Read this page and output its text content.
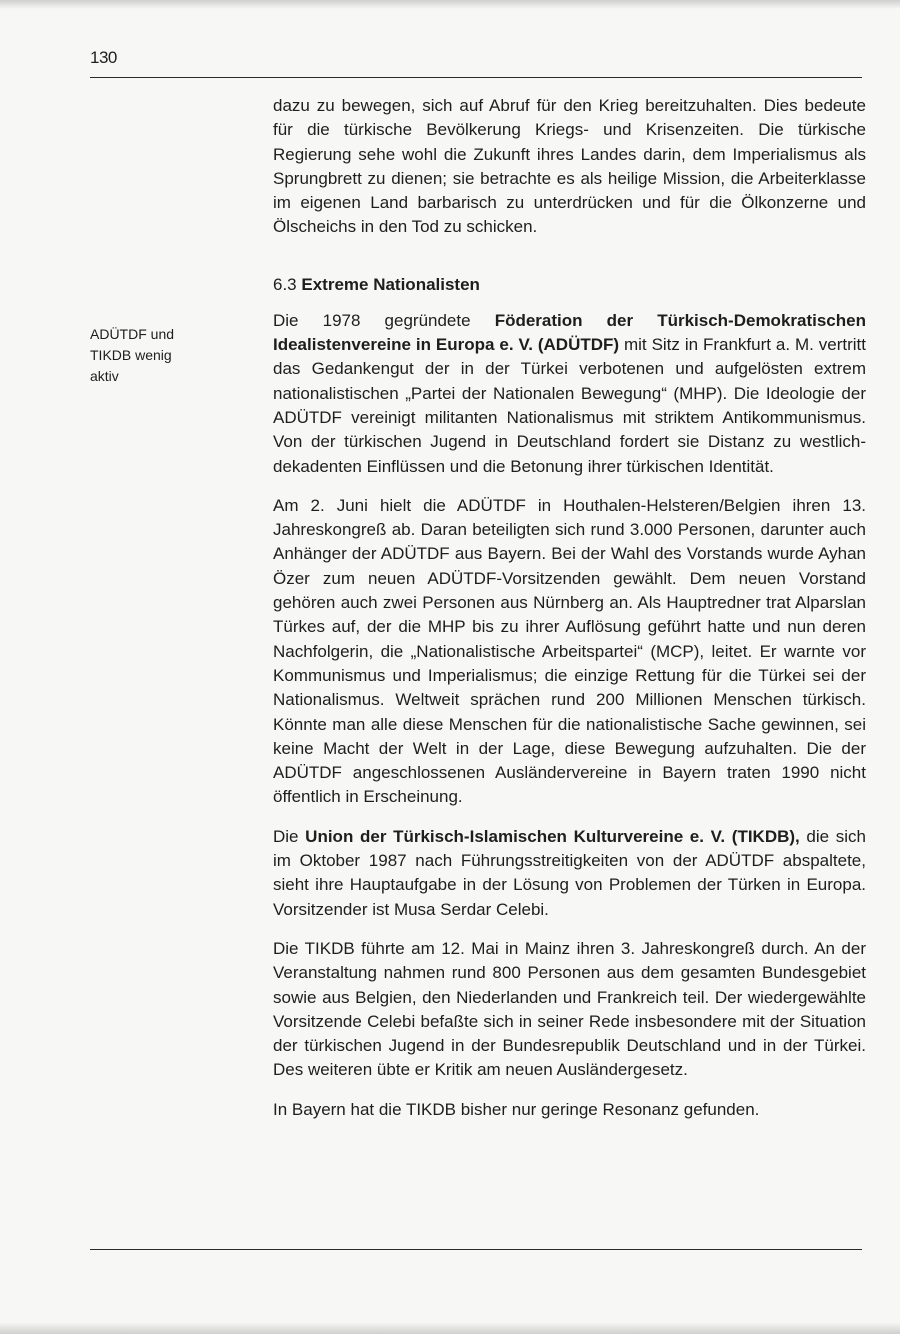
130
ADÜTDF und
TIKDB wenig
aktiv

dazu zu bewegen, sich auf Abruf für den Krieg bereitzuhalten. Dies bedeute für die türkische Bevölkerung Kriegs- und Krisenzeiten. Die türkische Regierung sehe wohl die Zukunft ihres Landes darin, dem Imperialismus als Sprungbrett zu dienen; sie betrachte es als heilige Mission, die Arbeiterklasse im eigenen Land barbarisch zu unterdrücken und für die Ölkonzerne und Ölscheichs in den Tod zu schicken.

6.3 Extreme Nationalisten

Die 1978 gegründete Föderation der Türkisch-Demokratischen Idealistenvereine in Europa e. V. (ADÜTDF) mit Sitz in Frankfurt a. M. vertritt das Gedankengut der in der Türkei verbotenen und aufgelösten extrem nationalistischen „Partei der Nationalen Bewegung“ (MHP). Die Ideologie der ADÜTDF vereinigt militanten Nationalismus mit striktem Antikommunismus. Von der türkischen Jugend in Deutschland fordert sie Distanz zu westlich-dekadenten Einflüssen und die Betonung ihrer türkischen Identität.

Am 2. Juni hielt die ADÜTDF in Houthalen-Helsteren/Belgien ihren 13. Jahreskongreß ab. Daran beteiligten sich rund 3.000 Personen, darunter auch Anhänger der ADÜTDF aus Bayern. Bei der Wahl des Vorstands wurde Ayhan Özer zum neuen ADÜTDF-Vorsitzenden gewählt. Dem neuen Vorstand gehören auch zwei Personen aus Nürnberg an. Als Hauptredner trat Alparslan Türkes auf, der die MHP bis zu ihrer Auflösung geführt hatte und nun deren Nachfolgerin, die „Nationalistische Arbeitspartei“ (MCP), leitet. Er warnte vor Kommunismus und Imperialismus; die einzige Rettung für die Türkei sei der Nationalismus. Weltweit sprächen rund 200 Millionen Menschen türkisch. Könnte man alle diese Menschen für die nationalistische Sache gewinnen, sei keine Macht der Welt in der Lage, diese Bewegung aufzuhalten. Die der ADÜTDF angeschlossenen Ausländervereine in Bayern traten 1990 nicht öffentlich in Erscheinung.

Die Union der Türkisch-Islamischen Kulturvereine e. V. (TIKDB), die sich im Oktober 1987 nach Führungsstreitigkeiten von der ADÜTDF abspaltete, sieht ihre Hauptaufgabe in der Lösung von Problemen der Türken in Europa. Vorsitzender ist Musa Serdar Celebi.

Die TIKDB führte am 12. Mai in Mainz ihren 3. Jahreskongreß durch. An der Veranstaltung nahmen rund 800 Personen aus dem gesamten Bundesgebiet sowie aus Belgien, den Niederlanden und Frankreich teil. Der wiedergewählte Vorsitzende Celebi befaßte sich in seiner Rede insbesondere mit der Situation der türkischen Jugend in der Bundesrepublik Deutschland und in der Türkei. Des weiteren übte er Kritik am neuen Ausländergesetz.

In Bayern hat die TIKDB bisher nur geringe Resonanz gefunden.
